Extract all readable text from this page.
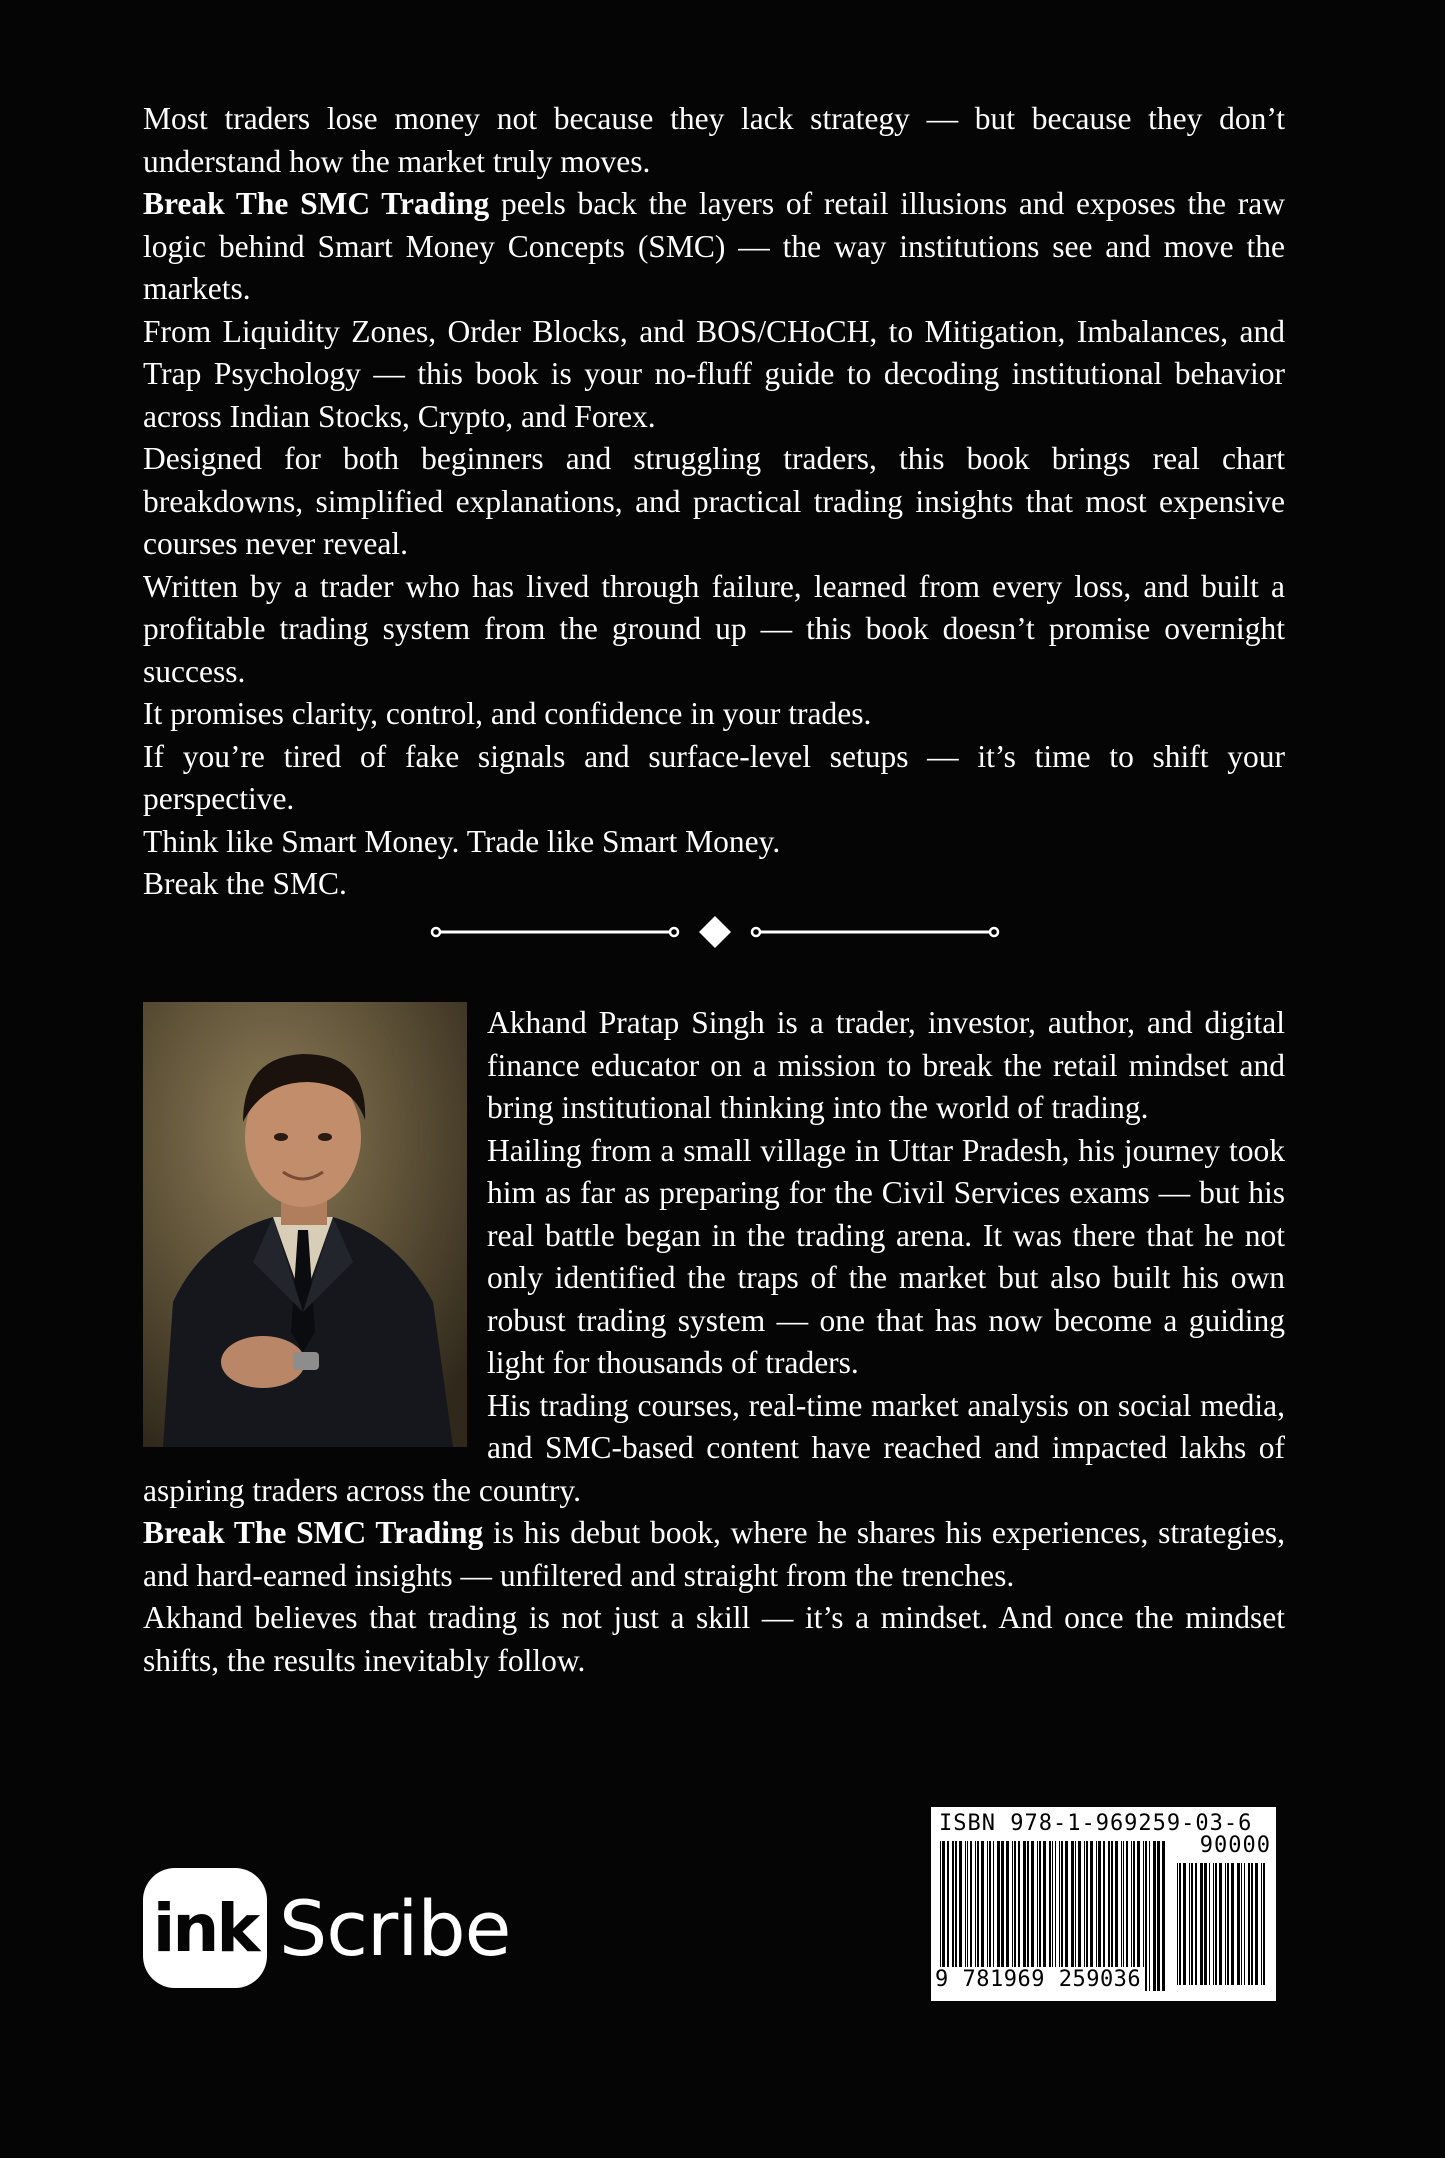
Most traders lose money not because they lack strategy — but because they don’t understand how the market truly moves.

Break The SMC Trading peels back the layers of retail illusions and exposes the raw logic behind Smart Money Concepts (SMC) — the way institutions see and move the markets.

From Liquidity Zones, Order Blocks, and BOS/CHoCH, to Mitigation, Imbalances, and Trap Psychology — this book is your no-fluff guide to decoding institutional behavior across Indian Stocks, Crypto, and Forex.

Designed for both beginners and struggling traders, this book brings real chart breakdowns, simplified explanations, and practical trading insights that most expensive courses never reveal.

Written by a trader who has lived through failure, learned from every loss, and built a profitable trading system from the ground up — this book doesn’t promise overnight success.

It promises clarity, control, and confidence in your trades.

If you’re tired of fake signals and surface-level setups — it’s time to shift your perspective.

Think like Smart Money. Trade like Smart Money.

Break the SMC.

Akhand Pratap Singh is a trader, investor, author, and digital finance educator on a mission to break the retail mindset and bring institutional thinking into the world of trading.

Hailing from a small village in Uttar Pradesh, his journey took him as far as preparing for the Civil Services exams — but his real battle began in the trading arena. It was there that he not only identified the traps of the market but also built his own robust trading system — one that has now become a guiding light for thousands of traders.

His trading courses, real-time market analysis on social media, and SMC-based content have reached and impacted lakhs of aspiring traders across the country.

Break The SMC Trading is his debut book, where he shares his experiences, strategies, and hard-earned insights — unfiltered and straight from the trenches.

Akhand believes that trading is not just a skill — it’s a mindset. And once the mindset shifts, the results inevitably follow.

ink Scribe
ISBN 978-1-969259-03-6
90000
9 781969 259036
